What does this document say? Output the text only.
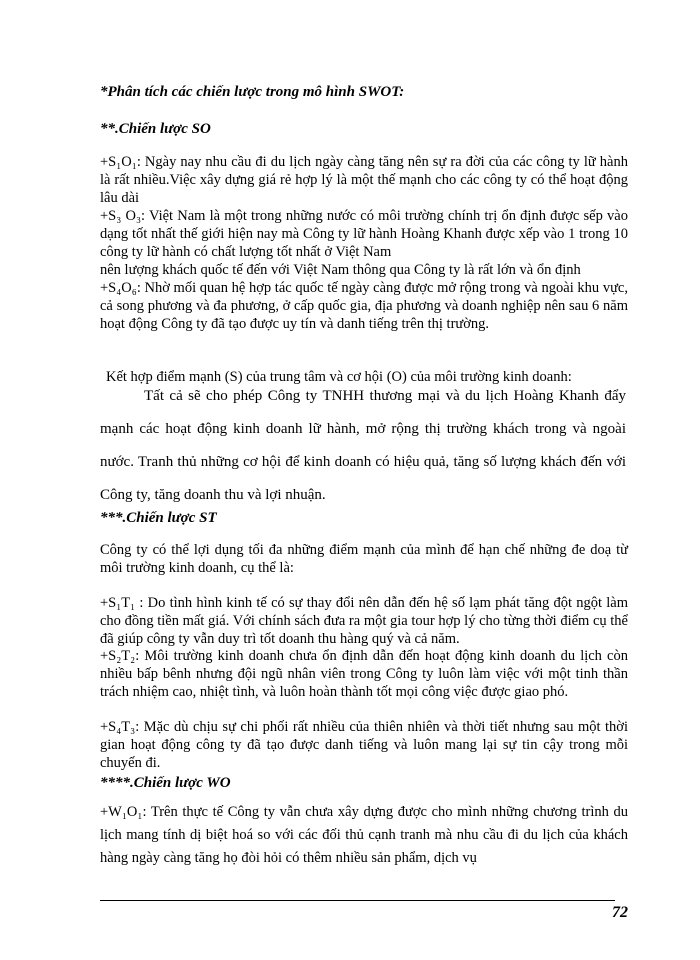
*Phân tích các chiến lược trong mô hình SWOT:

**.Chiến lược SO

+S₁O₁: Ngày nay nhu cầu đi du lịch ngày càng tăng nên sự ra đời của các công ty lữ hành là rất nhiều.Việc xây dựng giá rẻ hợp lý là một thế mạnh cho các công ty có thể hoạt động lâu dài

+S₃ O₃: Việt Nam là một trong những nước có môi trường chính trị ổn định được sếp vào dạng tốt nhất thế giới hiện nay mà Công ty lữ hành Hoàng Khanh được xếp vào 1 trong 10 công ty lữ hành có chất lượng tốt nhất ở Việt Nam

nên lượng khách quốc tế đến với Việt Nam thông qua Công ty là rất lớn và ổn định

+S₄O₆: Nhờ mối quan hệ hợp tác quốc tế ngày càng được mở rộng trong và ngoài khu vực, cả song phương và đa phương, ở cấp quốc gia, địa phương và doanh nghiệp nên sau 6 năm hoạt động Công ty đã tạo được uy tín và danh tiếng trên thị trường.

Kết hợp điểm mạnh (S) của trung tâm và cơ hội (O) của môi trường kinh doanh:

Tất cả sẽ cho phép Công ty TNHH thương mại và du lịch Hoàng Khanh đẩy mạnh các hoạt động kinh doanh lữ hành, mở rộng thị trường khách trong và ngoài nước. Tranh thủ những cơ hội để kinh doanh có hiệu quả, tăng số lượng khách đến với Công ty, tăng doanh thu và lợi nhuận.

***.Chiến lược ST

Công ty có thể lợi dụng tối đa những điểm mạnh của mình để hạn chế những đe doạ từ môi trường kinh doanh, cụ thể là:

+S₁T₁ : Do tình hình kinh tế có sự thay đổi nên dẫn đến hệ số lạm phát tăng đột ngột làm cho đồng tiền mất giá. Với chính sách đưa ra một gia tour hợp lý cho từng thời điểm cụ thể đã giúp công ty vẫn duy trì tốt doanh thu hàng quý và cả năm.

+S₂T₂: Môi trường kinh doanh chưa ổn định dẫn đến hoạt động kinh doanh du lịch còn nhiều bấp bênh nhưng đội ngũ nhân viên trong Công ty luôn làm việc với một tinh thần trách nhiệm cao, nhiệt tình, và luôn hoàn thành tốt mọi công việc được giao phó.

+S₄T₃: Mặc dù chịu sự chi phối rất nhiều của thiên nhiên và thời tiết nhưng sau một thời gian hoạt động công ty đã tạo được danh tiếng và luôn mang lại sự tin cậy trong mỗi chuyến đi.

****.Chiến lược WO

+W₁O₁: Trên thực tế Công ty vẫn chưa xây dựng được cho mình những chương trình du lịch mang tính dị biệt hoá so với các đối thủ cạnh tranh mà nhu cầu đi du lịch của khách hàng ngày càng tăng họ đòi hỏi có thêm nhiều sản phẩm, dịch vụ

72
